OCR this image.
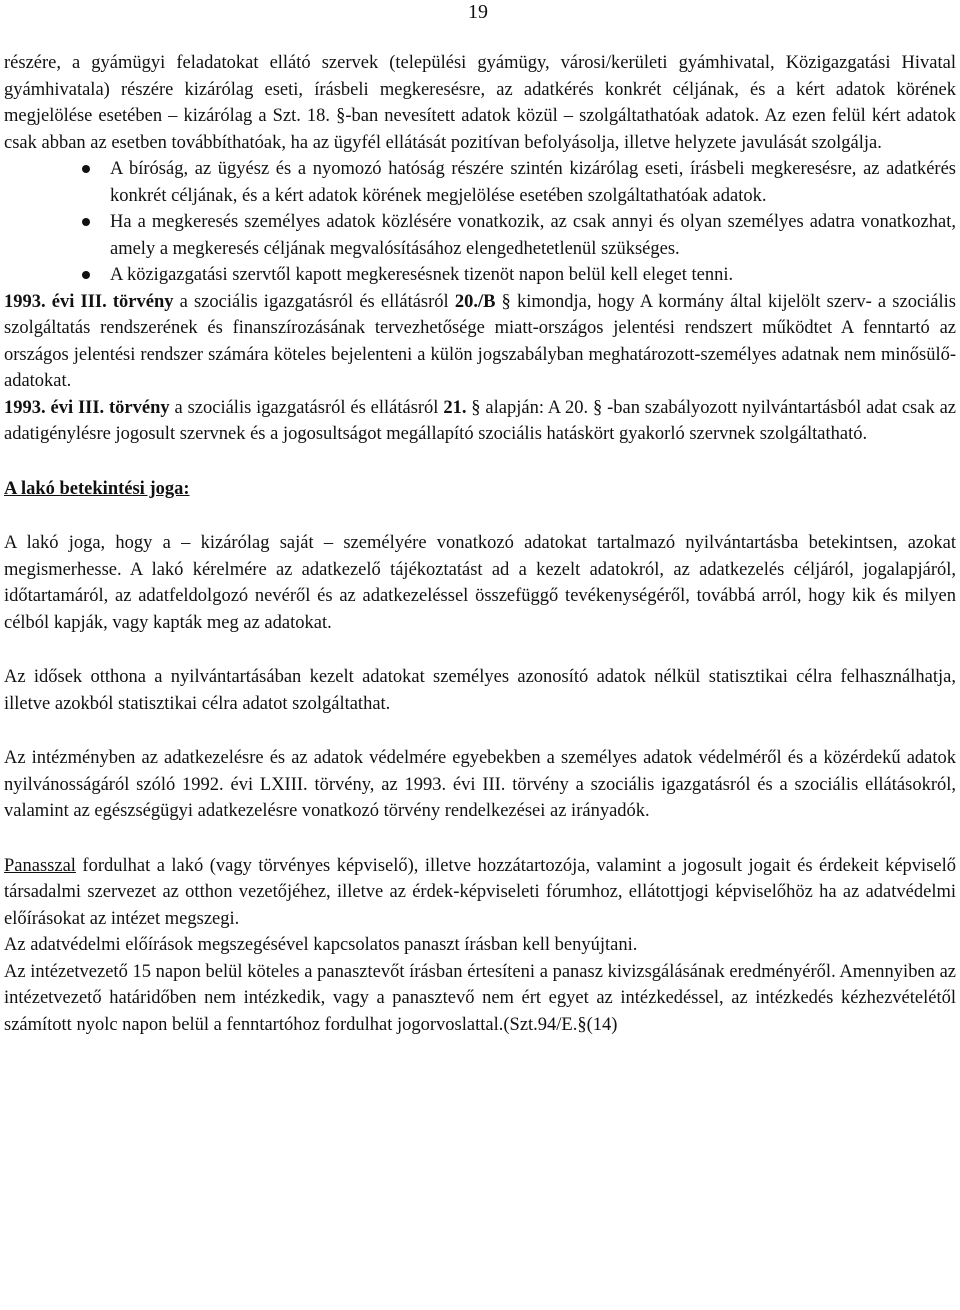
19

részére, a gyámügyi feladatokat ellátó szervek (települési gyámügy, városi/kerületi gyámhivatal, Közigazgatási Hivatal gyámhivatala) részére kizárólag eseti, írásbeli megkeresésre, az adatkérés konkrét céljának, és a kért adatok körének megjelölése esetében – kizárólag a Szt. 18. §-ban nevesített adatok közül – szolgáltathatóak adatok. Az ezen felül kért adatok csak abban az esetben továbbíthatóak, ha az ügyfél ellátását pozitívan befolyásolja, illetve helyzete javulását szolgálja.

A bíróság, az ügyész és a nyomozó hatóság részére szintén kizárólag eseti, írásbeli megkeresésre, az adatkérés konkrét céljának, és a kért adatok körének megjelölése esetében szolgáltathatóak adatok.
Ha a megkeresés személyes adatok közlésére vonatkozik, az csak annyi és olyan személyes adatra vonatkozhat, amely a megkeresés céljának megvalósításához elengedhetetlenül szükséges.
A közigazgatási szervtől kapott megkeresésnek tizenöt napon belül kell eleget tenni.

1993. évi III. törvény a szociális igazgatásról és ellátásról 20./B § kimondja, hogy A kormány által kijelölt szerv- a szociális szolgáltatás rendszerének és finanszírozásának tervezhetősége miatt-országos jelentési rendszert működtet A fenntartó az országos jelentési rendszer számára köteles bejelenteni a külön jogszabályban meghatározott-személyes adatnak nem minősülő- adatokat.

1993. évi III. törvény a szociális igazgatásról és ellátásról 21. § alapján: A 20. § -ban szabályozott nyilvántartásból adat csak az adatigénylésre jogosult szervnek és a jogosultságot megállapító szociális hatáskört gyakorló szervnek szolgáltatható.

A lakó betekintési joga:

A lakó joga, hogy a – kizárólag saját – személyére vonatkozó adatokat tartalmazó nyilvántartásba betekintsen, azokat megismerhesse. A lakó kérelmére az adatkezelő tájékoztatást ad a kezelt adatokról, az adatkezelés céljáról, jogalapjáról, időtartamáról, az adatfeldolgozó nevéről és az adatkezeléssel összefüggő tevékenységéről, továbbá arról, hogy kik és milyen célból kapják, vagy kapták meg az adatokat.

Az idősek otthona a nyilvántartásában kezelt adatokat személyes azonosító adatok nélkül statisztikai célra felhasználhatja, illetve azokból statisztikai célra adatot szolgáltathat.

Az intézményben az adatkezelésre és az adatok védelmére egyebekben a személyes adatok védelméről és a közérdekű adatok nyilvánosságáról szóló 1992. évi LXIII. törvény, az 1993. évi III. törvény a szociális igazgatásról és a szociális ellátásokról, valamint az egészségügyi adatkezelésre vonatkozó törvény rendelkezései az irányadók.

Panasszal fordulhat a lakó (vagy törvényes képviselő), illetve hozzátartozója, valamint a jogosult jogait és érdekeit képviselő társadalmi szervezet az otthon vezetőjéhez, illetve az érdek-képviseleti fórumhoz, ellátottjogi képviselőhöz ha az adatvédelmi előírásokat az intézet megszegi.

Az adatvédelmi előírások megszegésével kapcsolatos panaszt írásban kell benyújtani.

Az intézetvezető 15 napon belül köteles a panasztevőt írásban értesíteni a panasz kivizsgálásának eredményéről. Amennyiben az intézetvezető határidőben nem intézkedik, vagy a panasztevő nem ért egyet az intézkedéssel, az intézkedés kézhezvételétől számított nyolc napon belül a fenntartóhoz fordulhat jogorvoslattal.(Szt.94/E.§(14)
